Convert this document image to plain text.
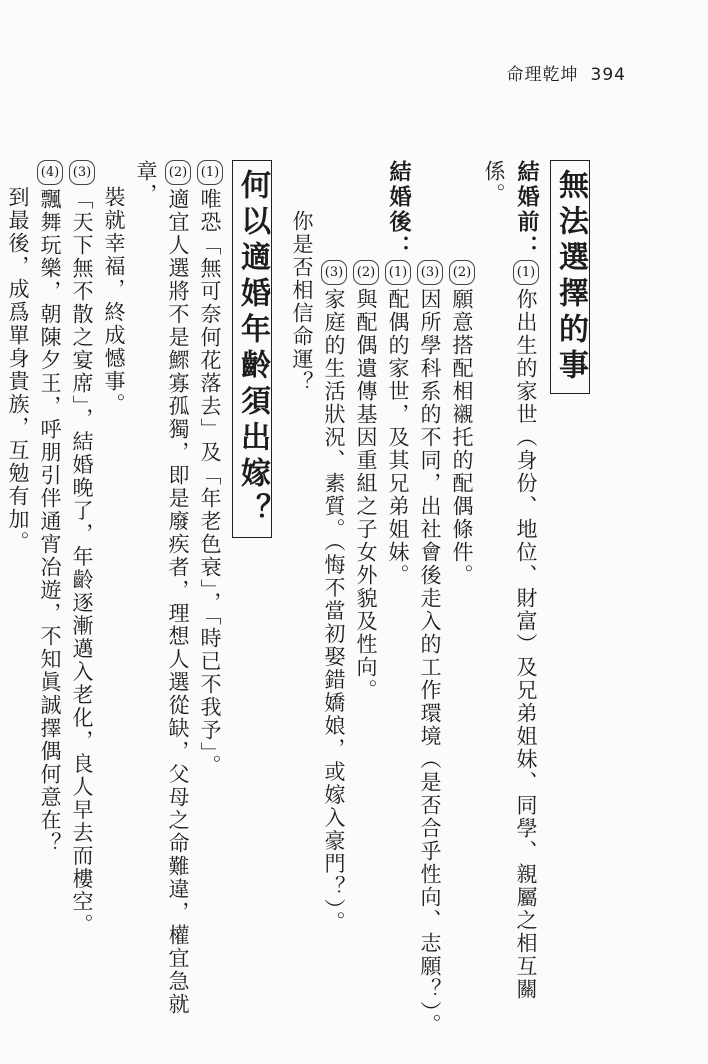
命理乾坤 394
無法選擇的事
結婚前：(1)你出生的家世（身份、地位、財富）及兄弟姐妹、同學、親屬之相互關係。
(2)願意搭配相襯托的配偶條件。
(3)因所學科系的不同，出社會後走入的工作環境（是否合乎性向、志願？）。
結婚後：(1)配偶的家世，及其兄弟姐妹。
(2)與配偶遺傳基因重組之子女外貌及性向。
(3)家庭的生活狀況、素質。（悔不當初娶錯嬌娘，或嫁入豪門？）。
你是否相信命運？
何以適婚年齡須出嫁？
(1)唯恐「無可奈何花落去」及「年老色衰」，「時已不我予」。
(2)適宜人選將不是鰥寡孤獨，即是廢疾者，理想人選從缺，父母之命難違，權宜急就章，
裝就幸福，終成憾事。
(3)「天下無不散之宴席」，結婚晚了，年齡逐漸邁入老化，良人早去而樓空。
(4)飄舞玩樂，朝陳夕王，呼朋引伴通宵冶遊，不知眞誠擇偶何意在？
到最後，成爲單身貴族，互勉有加。
